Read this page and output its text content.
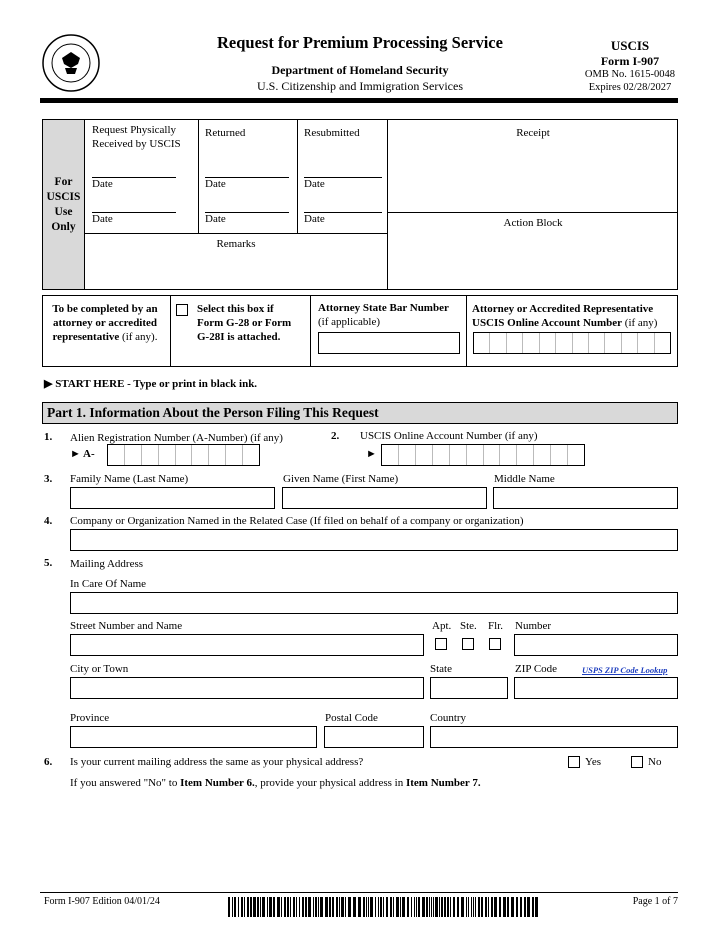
Request for Premium Processing Service
Department of Homeland Security
U.S. Citizenship and Immigration Services
USCIS
Form I-907
OMB No. 1615-0048
Expires 02/28/2027
For USCIS Use Only
Request Physically Received by USCIS
Returned	Resubmitted	Receipt
Date	Date	Date
Date	Date	Date	Action Block
Remarks
To be completed by an attorney or accredited representative (if any).
Select this box if Form G-28 or Form G-28I is attached.
Attorney State Bar Number
(if applicable)
Attorney or Accredited Representative USCIS Online Account Number (if any)
▶ START HERE - Type or print in black ink.
Part 1. Information About the Person Filing This Request
1. Alien Registration Number (A-Number) (if any)
► A-
2. USCIS Online Account Number (if any)
►
3. Family Name (Last Name)	Given Name (First Name)	Middle Name
4. Company or Organization Named in the Related Case (If filed on behalf of a company or organization)
5. Mailing Address
In Care Of Name
Street Number and Name	Apt. Ste. Flr. Number
City or Town	State	ZIP Code	USPS ZIP Code Lookup
Province	Postal Code	Country
6. Is your current mailing address the same as your physical address?	Yes	No
If you answered "No" to Item Number 6., provide your physical address in Item Number 7.
Form I-907 Edition 04/01/24	Page 1 of 7
